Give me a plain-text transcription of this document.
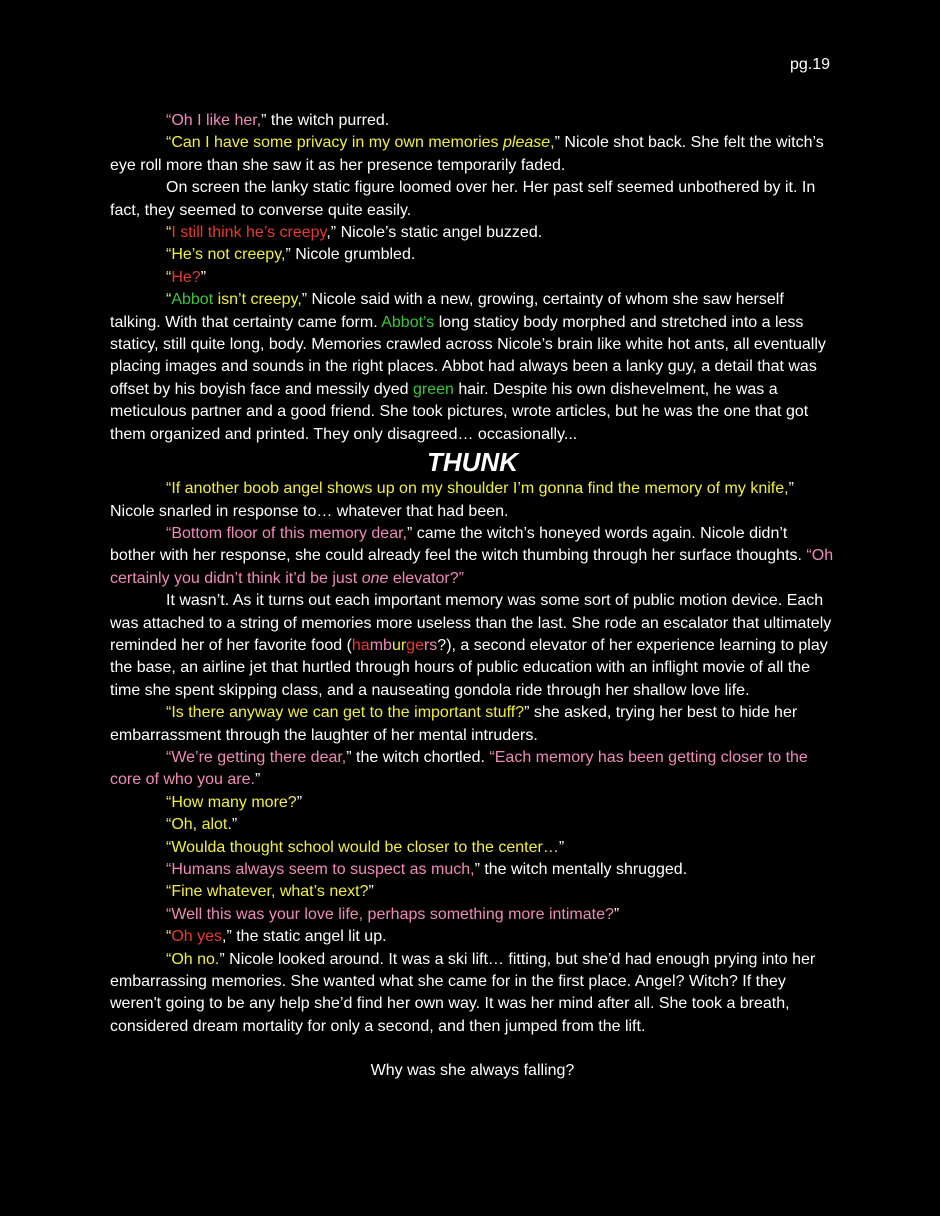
pg.19

“Oh I like her,” the witch purred.

“Can I have some privacy in my own memories please,” Nicole shot back. She felt the witch’s eye roll more than she saw it as her presence temporarily faded.

On screen the lanky static figure loomed over her. Her past self seemed unbothered by it. In fact, they seemed to converse quite easily.

“I still think he’s creepy,” Nicole’s static angel buzzed.

“He’s not creepy,” Nicole grumbled.

“He?”

“Abbot isn’t creepy,” Nicole said with a new, growing, certainty of whom she saw herself talking. With that certainty came form. Abbot’s long staticy body morphed and stretched into a less staticy, still quite long, body. Memories crawled across Nicole’s brain like white hot ants, all eventually placing images and sounds in the right places. Abbot had always been a lanky guy, a detail that was offset by his boyish face and messily dyed green hair. Despite his own dishevelment, he was a meticulous partner and a good friend. She took pictures, wrote articles, but he was the one that got them organized and printed. They only disagreed… occasionally...

THUNK

“If another boob angel shows up on my shoulder I’m gonna find the memory of my knife,” Nicole snarled in response to… whatever that had been.

“Bottom floor of this memory dear,” came the witch’s honeyed words again. Nicole didn’t bother with her response, she could already feel the witch thumbing through her surface thoughts. “Oh certainly you didn’t think it’d be just one elevator?”

It wasn’t. As it turns out each important memory was some sort of public motion device. Each was attached to a string of memories more useless than the last. She rode an escalator that ultimately reminded her of her favorite food (hamburgers?), a second elevator of her experience learning to play the base, an airline jet that hurtled through hours of public education with an inflight movie of all the time she spent skipping class, and a nauseating gondola ride through her shallow love life.

“Is there anyway we can get to the important stuff?” she asked, trying her best to hide her embarrassment through the laughter of her mental intruders.

“We’re getting there dear,” the witch chortled. “Each memory has been getting closer to the core of who you are.”

“How many more?”

“Oh, alot.”

“Woulda thought school would be closer to the center…”

“Humans always seem to suspect as much,” the witch mentally shrugged.

“Fine whatever, what’s next?”

“Well this was your love life, perhaps something more intimate?”

“Oh yes,” the static angel lit up.

“Oh no.” Nicole looked around. It was a ski lift… fitting, but she’d had enough prying into her embarrassing memories. She wanted what she came for in the first place. Angel? Witch? If they weren't going to be any help she’d find her own way. It was her mind after all. She took a breath, considered dream mortality for only a second, and then jumped from the lift.

Why was she always falling?
